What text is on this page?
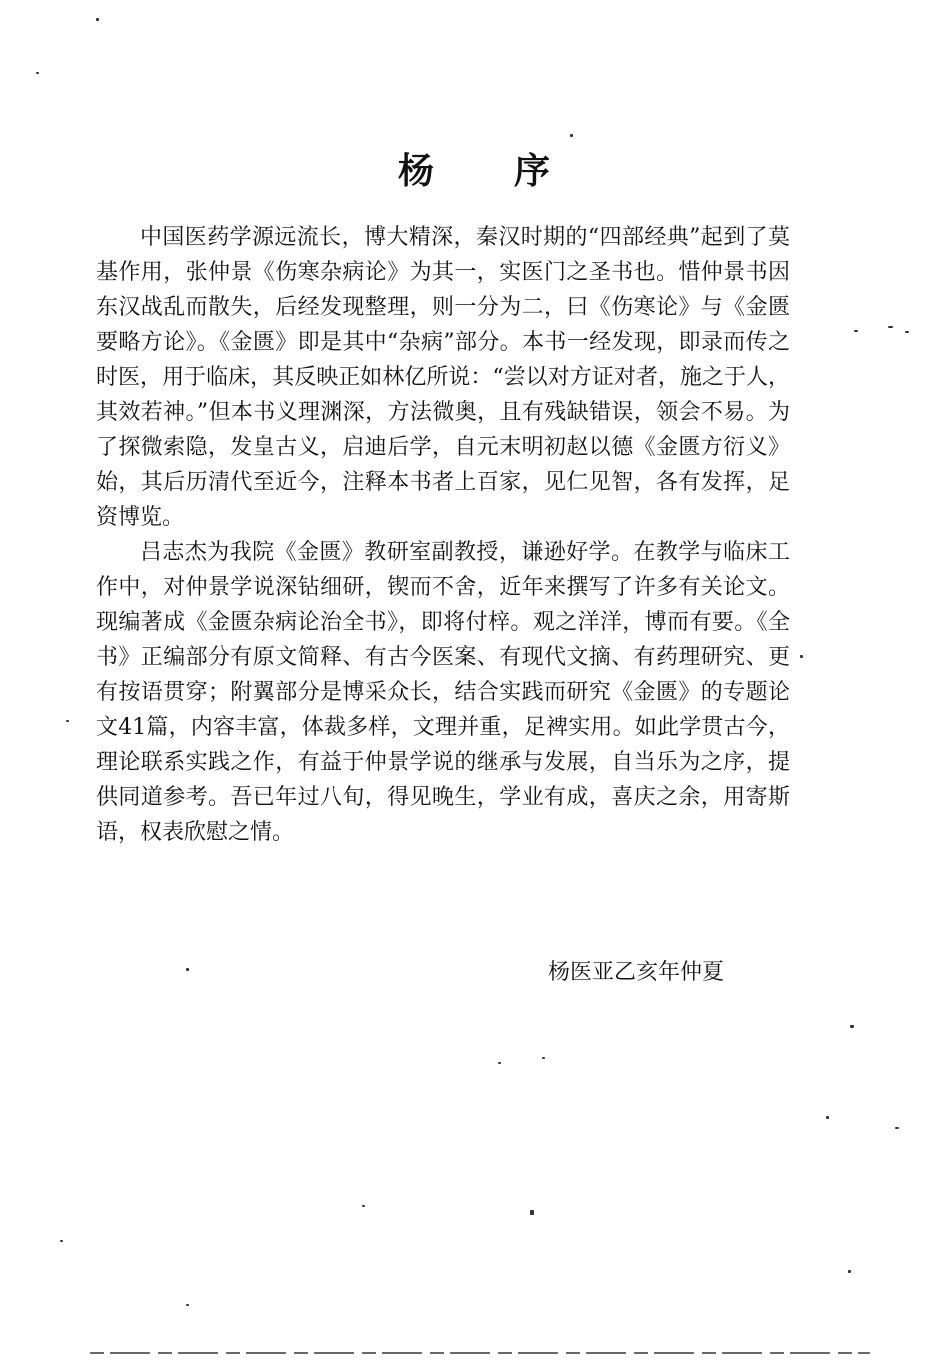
杨 序

中国医药学源远流长，博大精深，秦汉时期的“四部经典”起到了莫基作用，张仲景《伤寒杂病论》为其一，实医门之圣书也。惜仲景书因东汉战乱而散失，后经发现整理，则一分为二，曰《伤寒论》与《金匮要略方论》。《金匮》即是其中“杂病”部分。本书一经发现，即录而传之时医，用于临床，其反映正如林亿所说：“尝以对方证对者，施之于人，其效若神。”但本书义理渊深，方法微奥，且有残缺错误，领会不易。为了探微索隐，发皇古义，启迪后学，自元末明初赵以德《金匮方衍义》始，其后历清代至近今，注释本书者上百家，见仁见智，各有发挥，足资博览。

吕志杰为我院《金匮》教研室副教授，谦逊好学。在教学与临床工作中，对仲景学说深钻细研，锲而不舍，近年来撰写了许多有关论文。现编著成《金匮杂病论治全书》，即将付梓。观之洋洋，博而有要。《全书》正编部分有原文简释、有古今医案、有现代文摘、有药理研究、更有按语贯穿；附翼部分是博采众长，结合实践而研究《金匮》的专题论文41篇，内容丰富，体裁多样，文理并重，足裨实用。如此学贯古今，理论联系实践之作，有益于仲景学说的继承与发展，自当乐为之序，提供同道参考。吾已年过八旬，得见晚生，学业有成，喜庆之余，用寄斯语，权表欣慰之情。

杨医亚乙亥年仲夏
